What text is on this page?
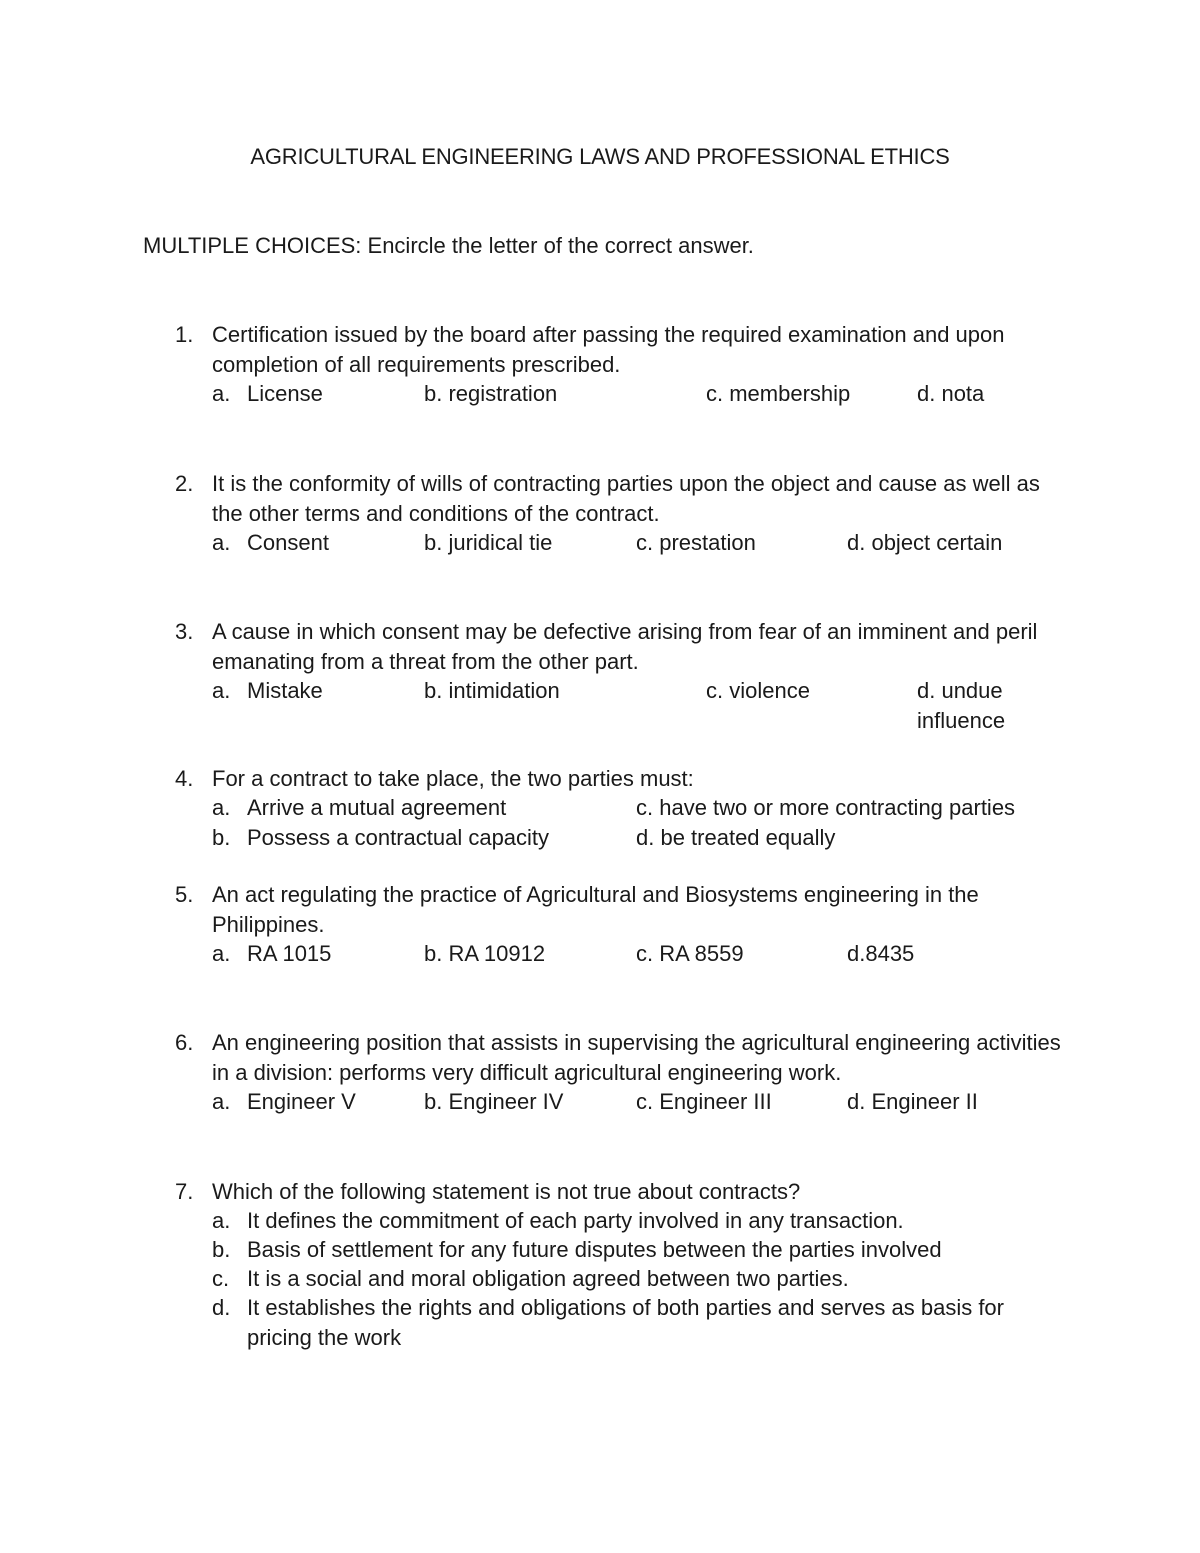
AGRICULTURAL ENGINEERING LAWS AND PROFESSIONAL ETHICS
MULTIPLE CHOICES: Encircle the letter of the correct answer.
1. Certification issued by the board after passing the required examination and upon completion of all requirements prescribed.
a. License	b. registration	c. membership	d. nota
2. It is the conformity of wills of contracting parties upon the object and cause as well as the other terms and conditions of the contract.
a. Consent	b. juridical tie	c. prestation	d. object certain
3. A cause in which consent may be defective arising from fear of an imminent and peril emanating from a threat from the other part.
a. Mistake	b. intimidation	c. violence	d. undue influence
4. For a contract to take place, the two parties must:
a. Arrive a mutual agreement	c. have two or more contracting parties
b. Possess a contractual capacity	d. be treated equally
5. An act regulating the practice of Agricultural and Biosystems engineering in the Philippines.
a. RA 1015	b. RA 10912	c. RA 8559	d.8435
6. An engineering position that assists in supervising the agricultural engineering activities in a division: performs very difficult agricultural engineering work.
a. Engineer V	b. Engineer IV	c. Engineer III	d. Engineer II
7. Which of the following statement is not true about contracts?
a. It defines the commitment of each party involved in any transaction.
b. Basis of settlement for any future disputes between the parties involved
c. It is a social and moral obligation agreed between two parties.
d. It establishes the rights and obligations of both parties and serves as basis for pricing the work
